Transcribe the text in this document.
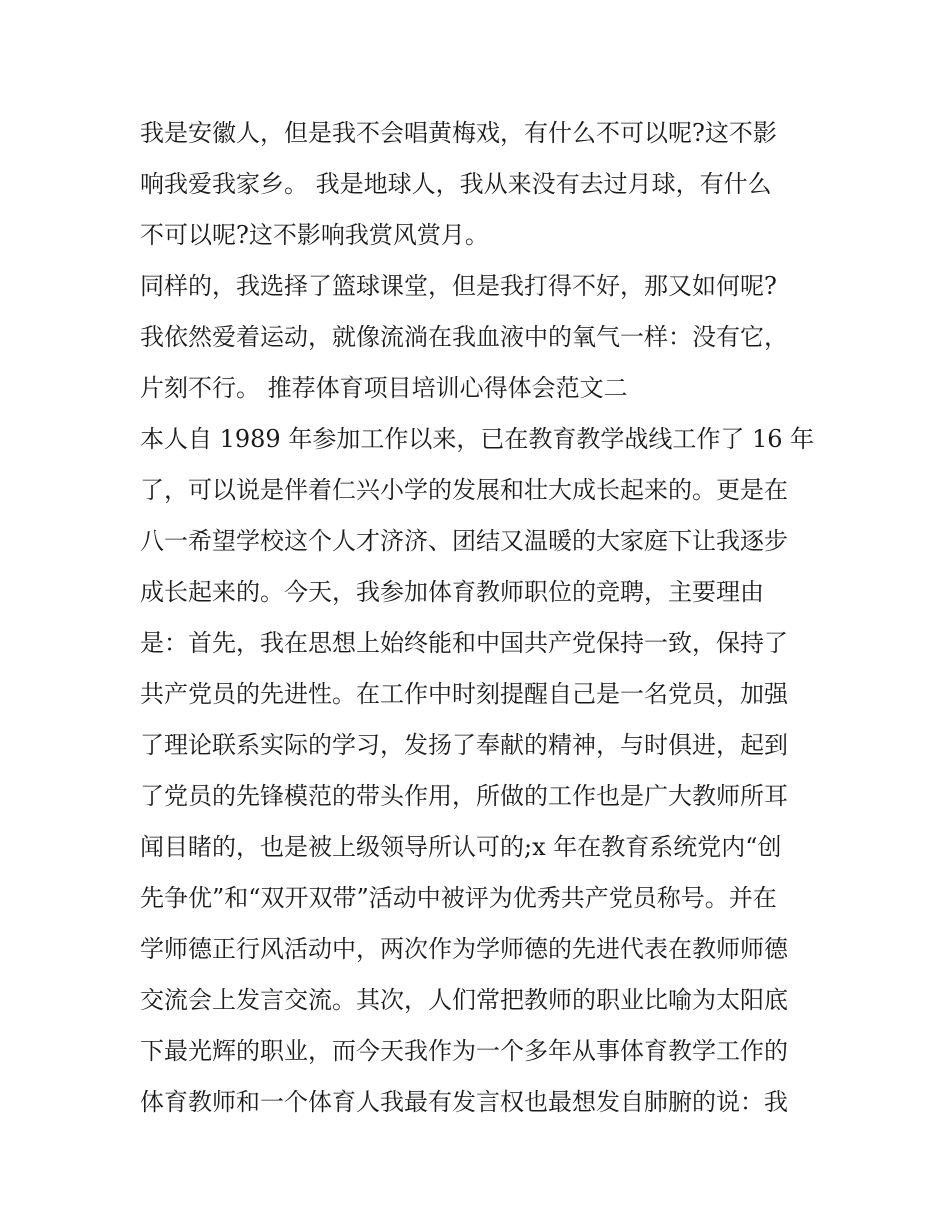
我是安徽人，但是我不会唱黄梅戏，有什么不可以呢?这不影
响我爱我家乡。 我是地球人，我从来没有去过月球，有什么
不可以呢?这不影响我赏风赏月。
同样的，我选择了篮球课堂，但是我打得不好，那又如何呢?
我依然爱着运动，就像流淌在我血液中的氧气一样：没有它，
片刻不行。 推荐体育项目培训心得体会范文二
本人自 1989 年参加工作以来，已在教育教学战线工作了 16 年
了，可以说是伴着仁兴小学的发展和壮大成长起来的。更是在
八一希望学校这个人才济济、团结又温暖的大家庭下让我逐步
成长起来的。今天，我参加体育教师职位的竞聘，主要理由
是：首先，我在思想上始终能和中国共产党保持一致，保持了
共产党员的先进性。在工作中时刻提醒自己是一名党员，加强
了理论联系实际的学习，发扬了奉献的精神，与时俱进，起到
了党员的先锋模范的带头作用，所做的工作也是广大教师所耳
闻目睹的，也是被上级领导所认可的;x 年在教育系统党内“创
先争优”和“双开双带”活动中被评为优秀共产党员称号。并在
学师德正行风活动中，两次作为学师德的先进代表在教师师德
交流会上发言交流。其次，人们常把教师的职业比喻为太阳底
下最光辉的职业，而今天我作为一个多年从事体育教学工作的
体育教师和一个体育人我最有发言权也最想发自肺腑的说：我
